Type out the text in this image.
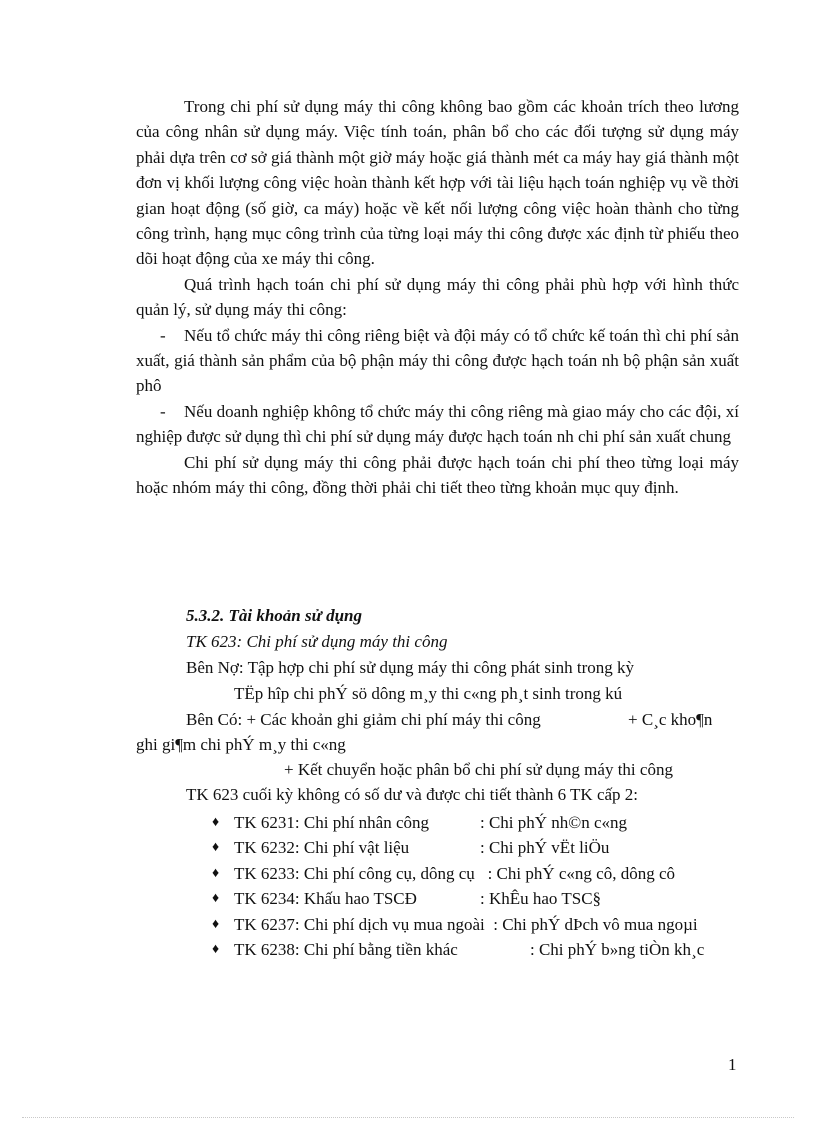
Trong chi phí sử dụng máy thi công không bao gồm các khoản trích theo lương của công nhân sử dụng máy. Việc tính toán, phân bổ cho các đối tượng sử dụng máy phải dựa trên cơ sở giá thành một giờ máy hoặc giá thành mét ca máy hay giá thành một đơn vị khối lượng công việc hoàn thành kết hợp với tài liệu hạch toán nghiệp vụ về thời gian hoạt động (số giờ, ca máy) hoặc về kết nối lượng công việc hoàn thành cho từng công trình, hạng mục công trình của từng loại máy thi công được xác định từ phiếu theo dõi hoạt động của xe máy thi công.

Quá trình hạch toán chi phí sử dụng máy thi công phải phù hợp với hình thức quản lý, sử dụng máy thi công:

-	Nếu tổ chức máy thi công riêng biệt và đội máy có tổ chức kế toán thì chi phí sản xuất, giá thành sản phẩm của bộ phận máy thi công được hạch toán nh bộ phận sản xuất phô

-	Nếu doanh nghiệp không tổ chức máy thi công riêng mà giao máy cho các đội, xí nghiệp được sử dụng thì chi phí sử dụng máy được hạch toán nh chi phí sản xuất chung

Chi phí sử dụng máy thi công phải được hạch toán chi phí theo từng loại máy hoặc nhóm máy thi công, đồng thời phải chi tiết theo từng khoản mục quy định.

5.3.2. Tài khoản sử dụng

TK 623: Chi phí sử dụng máy thi công

Bên Nợ: Tập hợp chi phí sử dụng máy thi công phát sinh trong kỳ

TËp hîp chi phÝ sö dông m¸y thi c«ng ph¸t sinh trong kú

Bên Có: + Các khoản ghi giảm chi phí máy thi công	+ C¸c kho¶n

ghi gi¶m chi phÝ m¸y thi c«ng

+ Kết chuyển hoặc phân bổ chi phí sử dụng máy thi công

TK 623 cuối kỳ không có số dư và được chi tiết thành 6 TK cấp 2:

♦ TK 6231: Chi phí nhân công	: Chi phÝ nh©n c«ng
♦ TK 6232: Chi phí vật liệu	: Chi phÝ vËt liÖu
♦ TK 6233: Chi phí công cụ, dông cụ : Chi phÝ c«ng cô, dông cô
♦ TK 6234: Khấu hao TSCĐ	: KhÊu hao TSC§
♦ TK 6237: Chi phí dịch vụ mua ngoài : Chi phÝ dÞch vô mua ngoµi
♦ TK 6238: Chi phí bằng tiền khác	: Chi phÝ b»ng tiÒn kh¸c
1
